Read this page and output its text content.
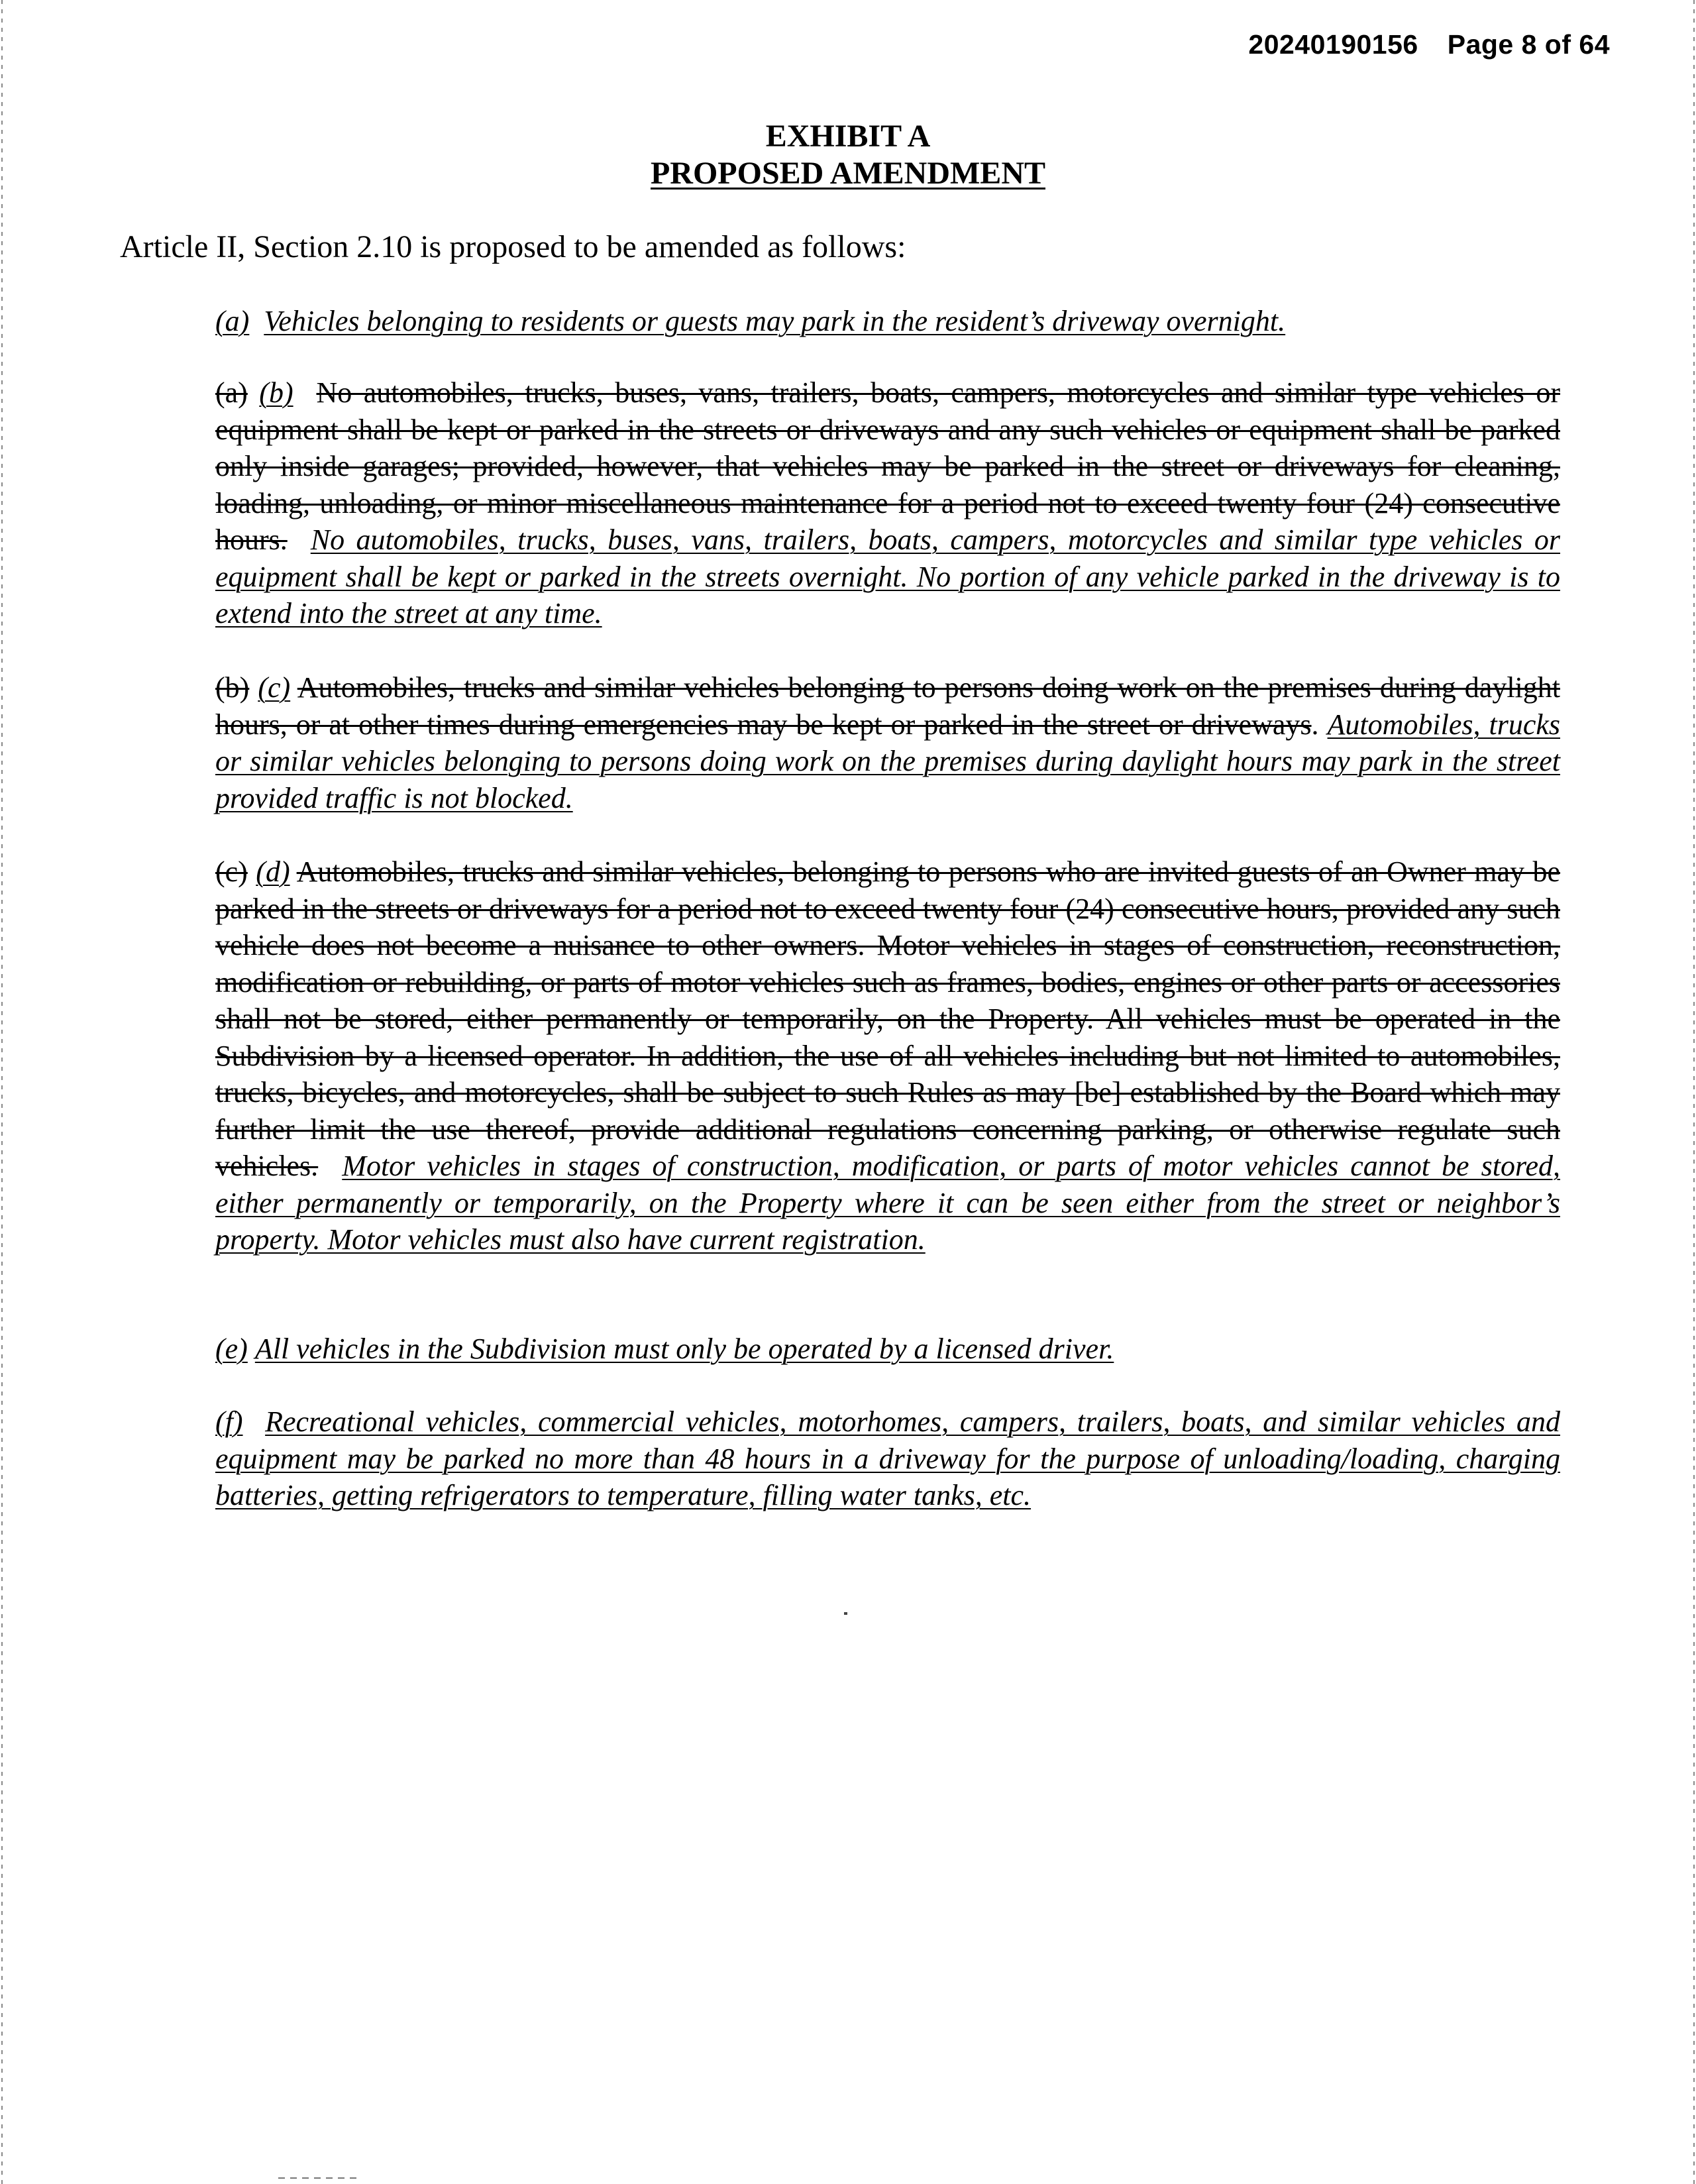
20240190156 Page 8 of 64
EXHIBIT A
PROPOSED AMENDMENT
Article II, Section 2.10 is proposed to be amended as follows:
(a) Vehicles belonging to residents or guests may park in the resident’s driveway overnight.
(a) (b) No automobiles, trucks, buses, vans, trailers, boats, campers, motorcycles and similar type vehicles or equipment shall be kept or parked in the streets or driveways and any such vehicles or equipment shall be parked only inside garages; provided, however, that vehicles may be parked in the street or driveways for cleaning, loading, unloading, or minor miscellaneous maintenance for a period not to exceed twenty four (24) consecutive hours. No automobiles, trucks, buses, vans, trailers, boats, campers, motorcycles and similar type vehicles or equipment shall be kept or parked in the streets overnight. No portion of any vehicle parked in the driveway is to extend into the street at any time.
(b) (c) Automobiles, trucks and similar vehicles belonging to persons doing work on the premises during daylight hours, or at other times during emergencies may be kept or parked in the street or driveways. Automobiles, trucks or similar vehicles belonging to persons doing work on the premises during daylight hours may park in the street provided traffic is not blocked.
(c) (d) Automobiles, trucks and similar vehicles, belonging to persons who are invited guests of an Owner may be parked in the streets or driveways for a period not to exceed twenty four (24) consecutive hours, provided any such vehicle does not become a nuisance to other owners. Motor vehicles in stages of construction, reconstruction, modification or rebuilding, or parts of motor vehicles such as frames, bodies, engines or other parts or accessories shall not be stored, either permanently or temporarily, on the Property. All vehicles must be operated in the Subdivision by a licensed operator. In addition, the use of all vehicles including but not limited to automobiles, trucks, bicycles, and motorcycles, shall be subject to such Rules as may [be] established by the Board which may further limit the use thereof, provide additional regulations concerning parking, or otherwise regulate such vehicles. Motor vehicles in stages of construction, modification, or parts of motor vehicles cannot be stored, either permanently or temporarily, on the Property where it can be seen either from the street or neighbor’s property. Motor vehicles must also have current registration.
(e) All vehicles in the Subdivision must only be operated by a licensed driver.
(f) Recreational vehicles, commercial vehicles, motorhomes, campers, trailers, boats, and similar vehicles and equipment may be parked no more than 48 hours in a driveway for the purpose of unloading/loading, charging batteries, getting refrigerators to temperature, filling water tanks, etc.
